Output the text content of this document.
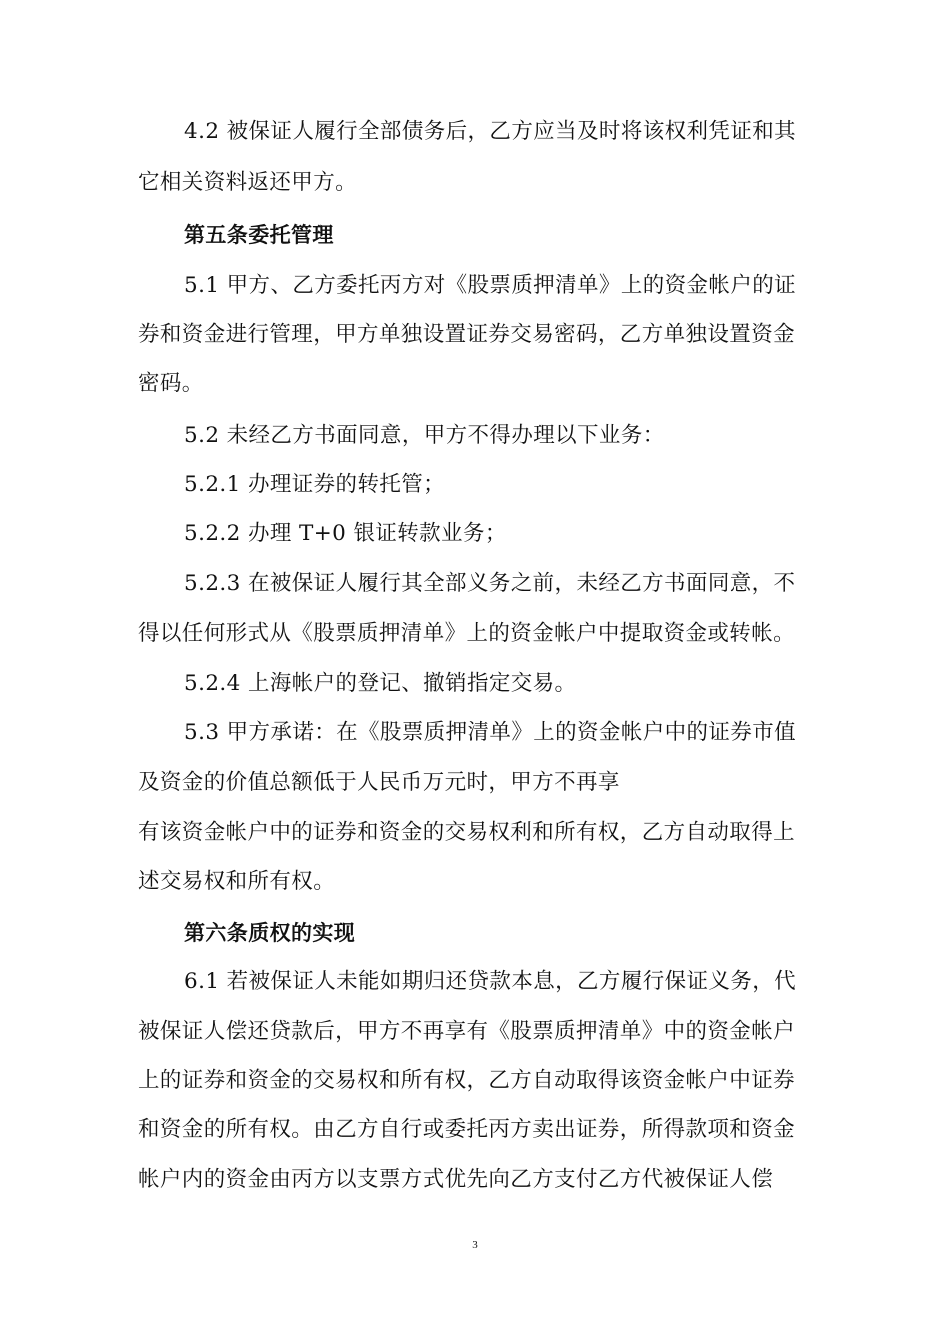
4.2 被保证人履行全部债务后，乙方应当及时将该权利凭证和其
它相关资料返还甲方。
第五条委托管理
5.1 甲方、乙方委托丙方对《股票质押清单》上的资金帐户的证
券和资金进行管理，甲方单独设置证券交易密码，乙方单独设置资金
密码。
5.2 未经乙方书面同意，甲方不得办理以下业务：
5.2.1 办理证券的转托管；
5.2.2 办理 T+0 银证转款业务；
5.2.3 在被保证人履行其全部义务之前，未经乙方书面同意，不
得以任何形式从《股票质押清单》上的资金帐户中提取资金或转帐。
5.2.4 上海帐户的登记、撤销指定交易。
5.3 甲方承诺：在《股票质押清单》上的资金帐户中的证券市值
及资金的价值总额低于人民币万元时，甲方不再享
有该资金帐户中的证券和资金的交易权利和所有权，乙方自动取得上
述交易权和所有权。
第六条质权的实现
6.1 若被保证人未能如期归还贷款本息，乙方履行保证义务，代
被保证人偿还贷款后，甲方不再享有《股票质押清单》中的资金帐户
上的证券和资金的交易权和所有权，乙方自动取得该资金帐户中证券
和资金的所有权。由乙方自行或委托丙方卖出证券，所得款项和资金
帐户内的资金由丙方以支票方式优先向乙方支付乙方代被保证人偿
3
